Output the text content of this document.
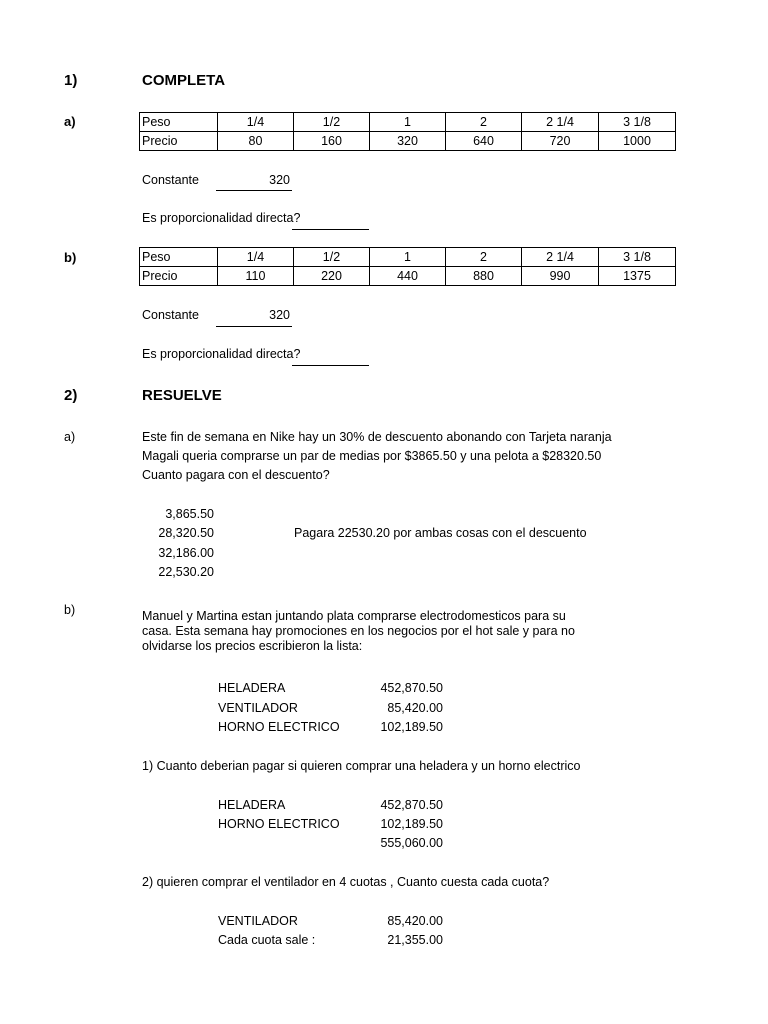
1)	COMPLETA
a)	Peso	1/4	1/2	1	2	2 1/4	3 1/8
Precio	80	160	320	640	720	1000
Constante	320
Es proporcionalidad directa?
b)	Peso	1/4	1/2	1	2	2 1/4	3 1/8
Precio	110	220	440	880	990	1375
Constante	320
Es proporcionalidad directa?
2)	RESUELVE
a)	Este fin de semana en Nike hay un 30% de descuento abonando con Tarjeta naranja
Magali queria comprarse un par de medias por $3865.50 y una pelota a $28320.50
Cuanto pagara con el descuento?
3,865.50
28,320.50
32,186.00
22,530.20
Pagara 22530.20 por ambas cosas con el descuento
b)	Manuel y Martina estan juntando plata comprarse electrodomesticos para su
casa. Esta semana hay promociones en los negocios por el hot sale y para no
olvidarse los precios escribieron la lista:
HELADERA	452,870.50
VENTILADOR	85,420.00
HORNO ELECTRICO	102,189.50
1) Cuanto deberian pagar si quieren comprar una heladera y un horno electrico
HELADERA	452,870.50
HORNO ELECTRICO	102,189.50
555,060.00
2) quieren comprar el ventilador en 4 cuotas , Cuanto cuesta cada cuota?
VENTILADOR	85,420.00
Cada cuota sale :	21,355.00
